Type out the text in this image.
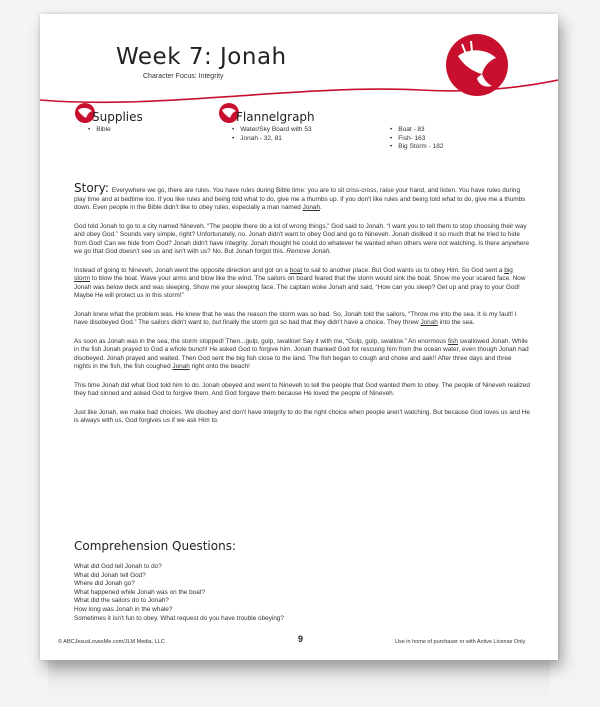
Week 7: Jonah
Character Focus: Integrity
Supplies
• Bible
Flannelgraph
• Water/Sky Board with 53
• Jonah - 32, 81
• Boat - 83
• Fish- 163
• Big Storm - 182

Story: Everywhere we go, there are rules. You have rules during Bible time: you are to sit criss-cross, raise your hand, and listen. You have rules during play time and at bedtime too. If you like rules and being told what to do, give me a thumbs up. If you don't like rules and being told what to do, give me a thumbs down. Even people in the Bible didn't like to obey rules, especially a man named Jonah.

God told Jonah to go to a city named Nineveh. “The people there do a lot of wrong things,” God said to Jonah. “I want you to tell them to stop choosing their way and obey God.” Sounds very simple, right? Unfortunately, no. Jonah didn't want to obey God and go to Nineveh. Jonah disliked it so much that he tried to hide from God! Can we hide from God? Jonah didn't have integrity. Jonah thought he could do whatever he wanted when others were not watching. Is there anywhere we go that God doesn't see us and isn't with us? No. But Jonah forgot this. Remove Jonah.

Instead of going to Nineveh, Jonah went the opposite direction and got on a boat to sail to another place. But God wants us to obey Him. So God sent a big storm to blow the boat. Wave your arms and blow like the wind. The sailors on board feared that the storm would sink the boat. Show me your scared face. Now Jonah was below deck and was sleeping. Show me your sleeping face. The captain woke Jonah and said, “How can you sleep? Get up and pray to your God! Maybe He will protect us in this storm!”

Jonah knew what the problem was. He knew that he was the reason the storm was so bad. So, Jonah told the sailors, “Throw me into the sea. It is my fault! I have disobeyed God.” The sailors didn't want to, but finally the storm got so bad that they didn't have a choice. They threw Jonah into the sea.

As soon as Jonah was in the sea, the storm stopped! Then...gulp, gulp, swallow! Say it with me, “Gulp, gulp, swallow.” An enormous fish swallowed Jonah. While in the fish Jonah prayed to God a whole bunch! He asked God to forgive him. Jonah thanked God for rescuing him from the ocean water, even though Jonah had disobeyed. Jonah prayed and waited. Then God sent the big fish close to the land. The fish began to cough and choke and aak!! After three days and three nights in the fish, the fish coughed Jonah right onto the beach!

This time Jonah did what God told him to do. Jonah obeyed and went to Nineveh to tell the people that God wanted them to obey. The people of Nineveh realized they had sinned and asked God to forgive them. And God forgave them because He loved the people of Nineveh.

Just like Jonah, we make bad choices. We disobey and don't have integrity to do the right choice when people aren't watching. But because God loves us and He is always with us, God forgives us if we ask Him to.

Comprehension Questions:
What did God tell Jonah to do?
What did Jonah tell God?
Where did Jonah go?
What happened while Jonah was on the boat?
What did the sailors do to Jonah?
How long was Jonah in the whale?
Sometimes it isn't fun to obey. What request do you have trouble obeying?
© ABCJesusLovesMe.com/JLM Media, LLC	9	Use in home of purchaser or with Active License Only
